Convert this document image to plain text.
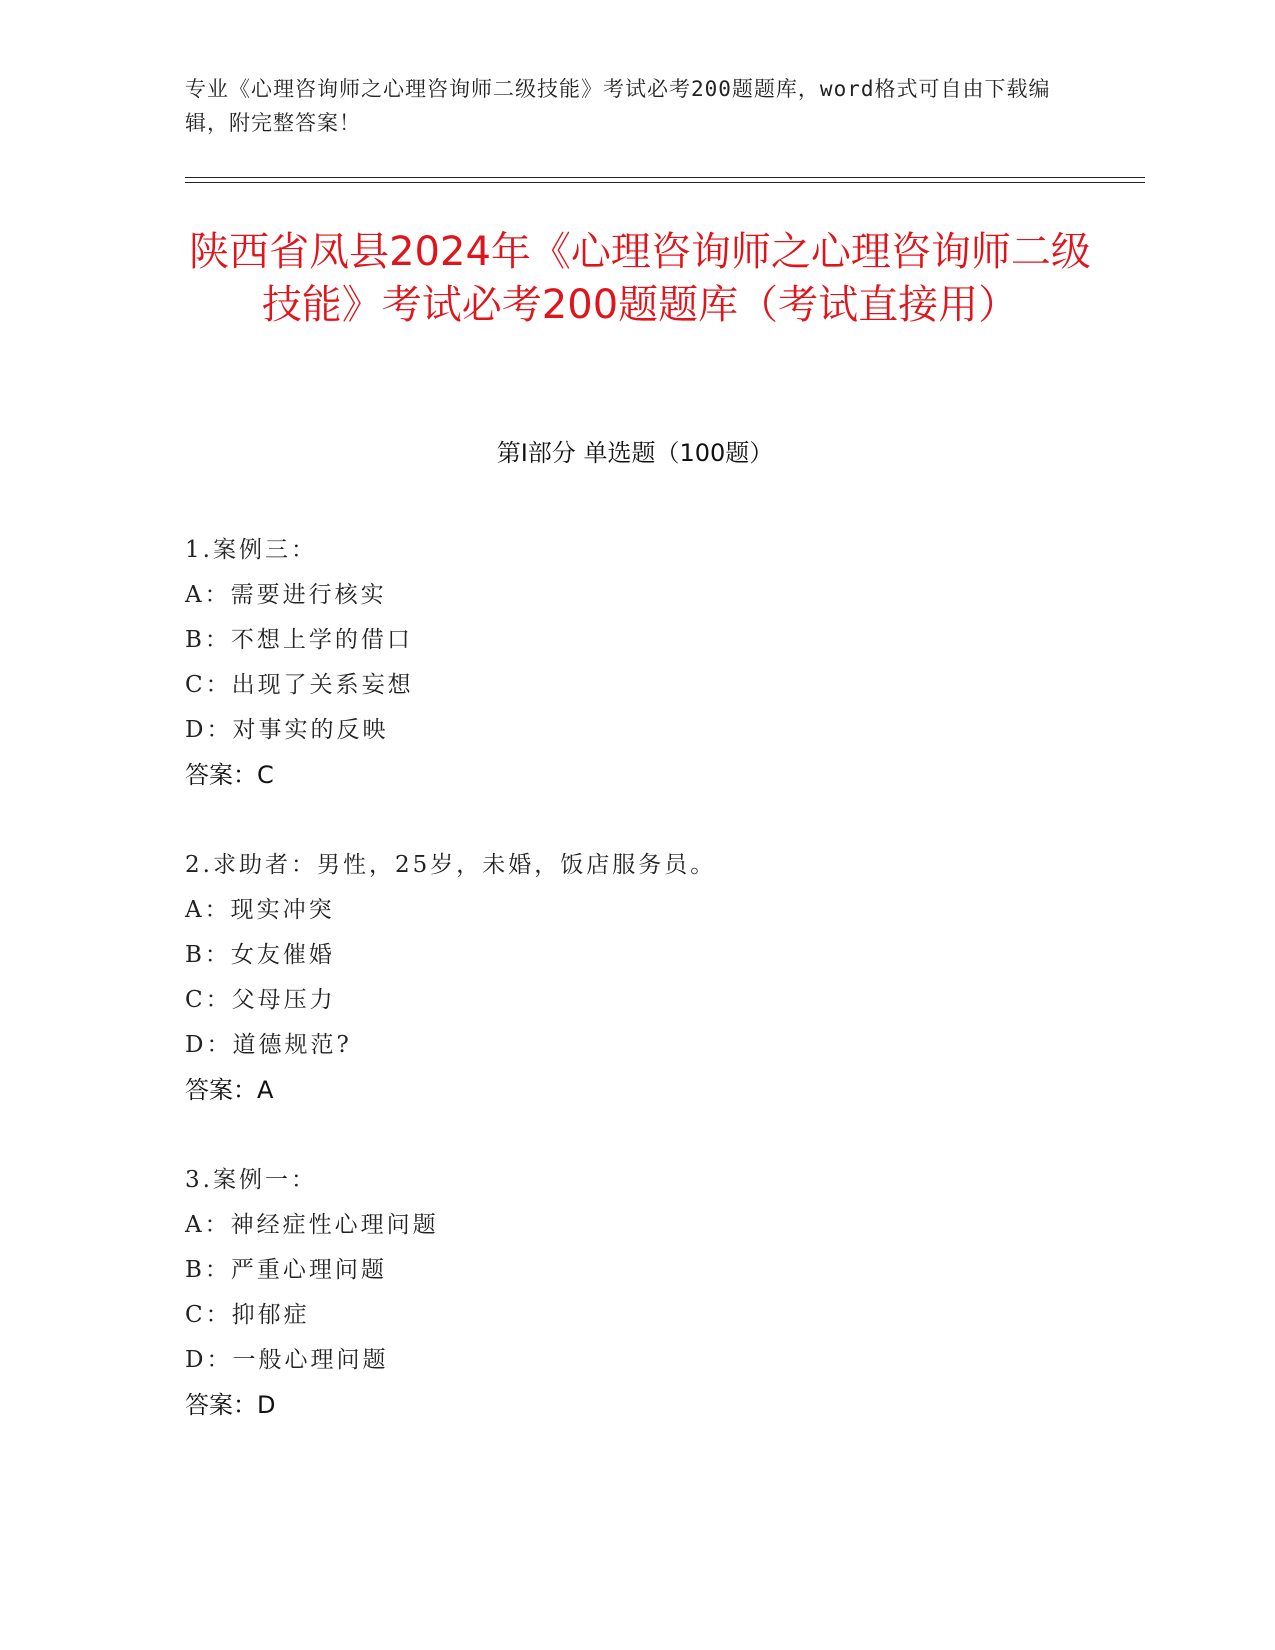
专业《心理咨询师之心理咨询师二级技能》考试必考200题题库，word格式可自由下载编辑，附完整答案！
陕西省凤县2024年《心理咨询师之心理咨询师二级技能》考试必考200题题库（考试直接用）
第I部分 单选题（100题）
1.案例三：
A：需要进行核实
B：不想上学的借口
C：出现了关系妄想
D：对事实的反映
答案：C
2.求助者：男性，25岁，未婚，饭店服务员。
A：现实冲突
B：女友催婚
C：父母压力
D：道德规范?
答案：A
3.案例一：
A：神经症性心理问题
B：严重心理问题
C：抑郁症
D：一般心理问题
答案：D
